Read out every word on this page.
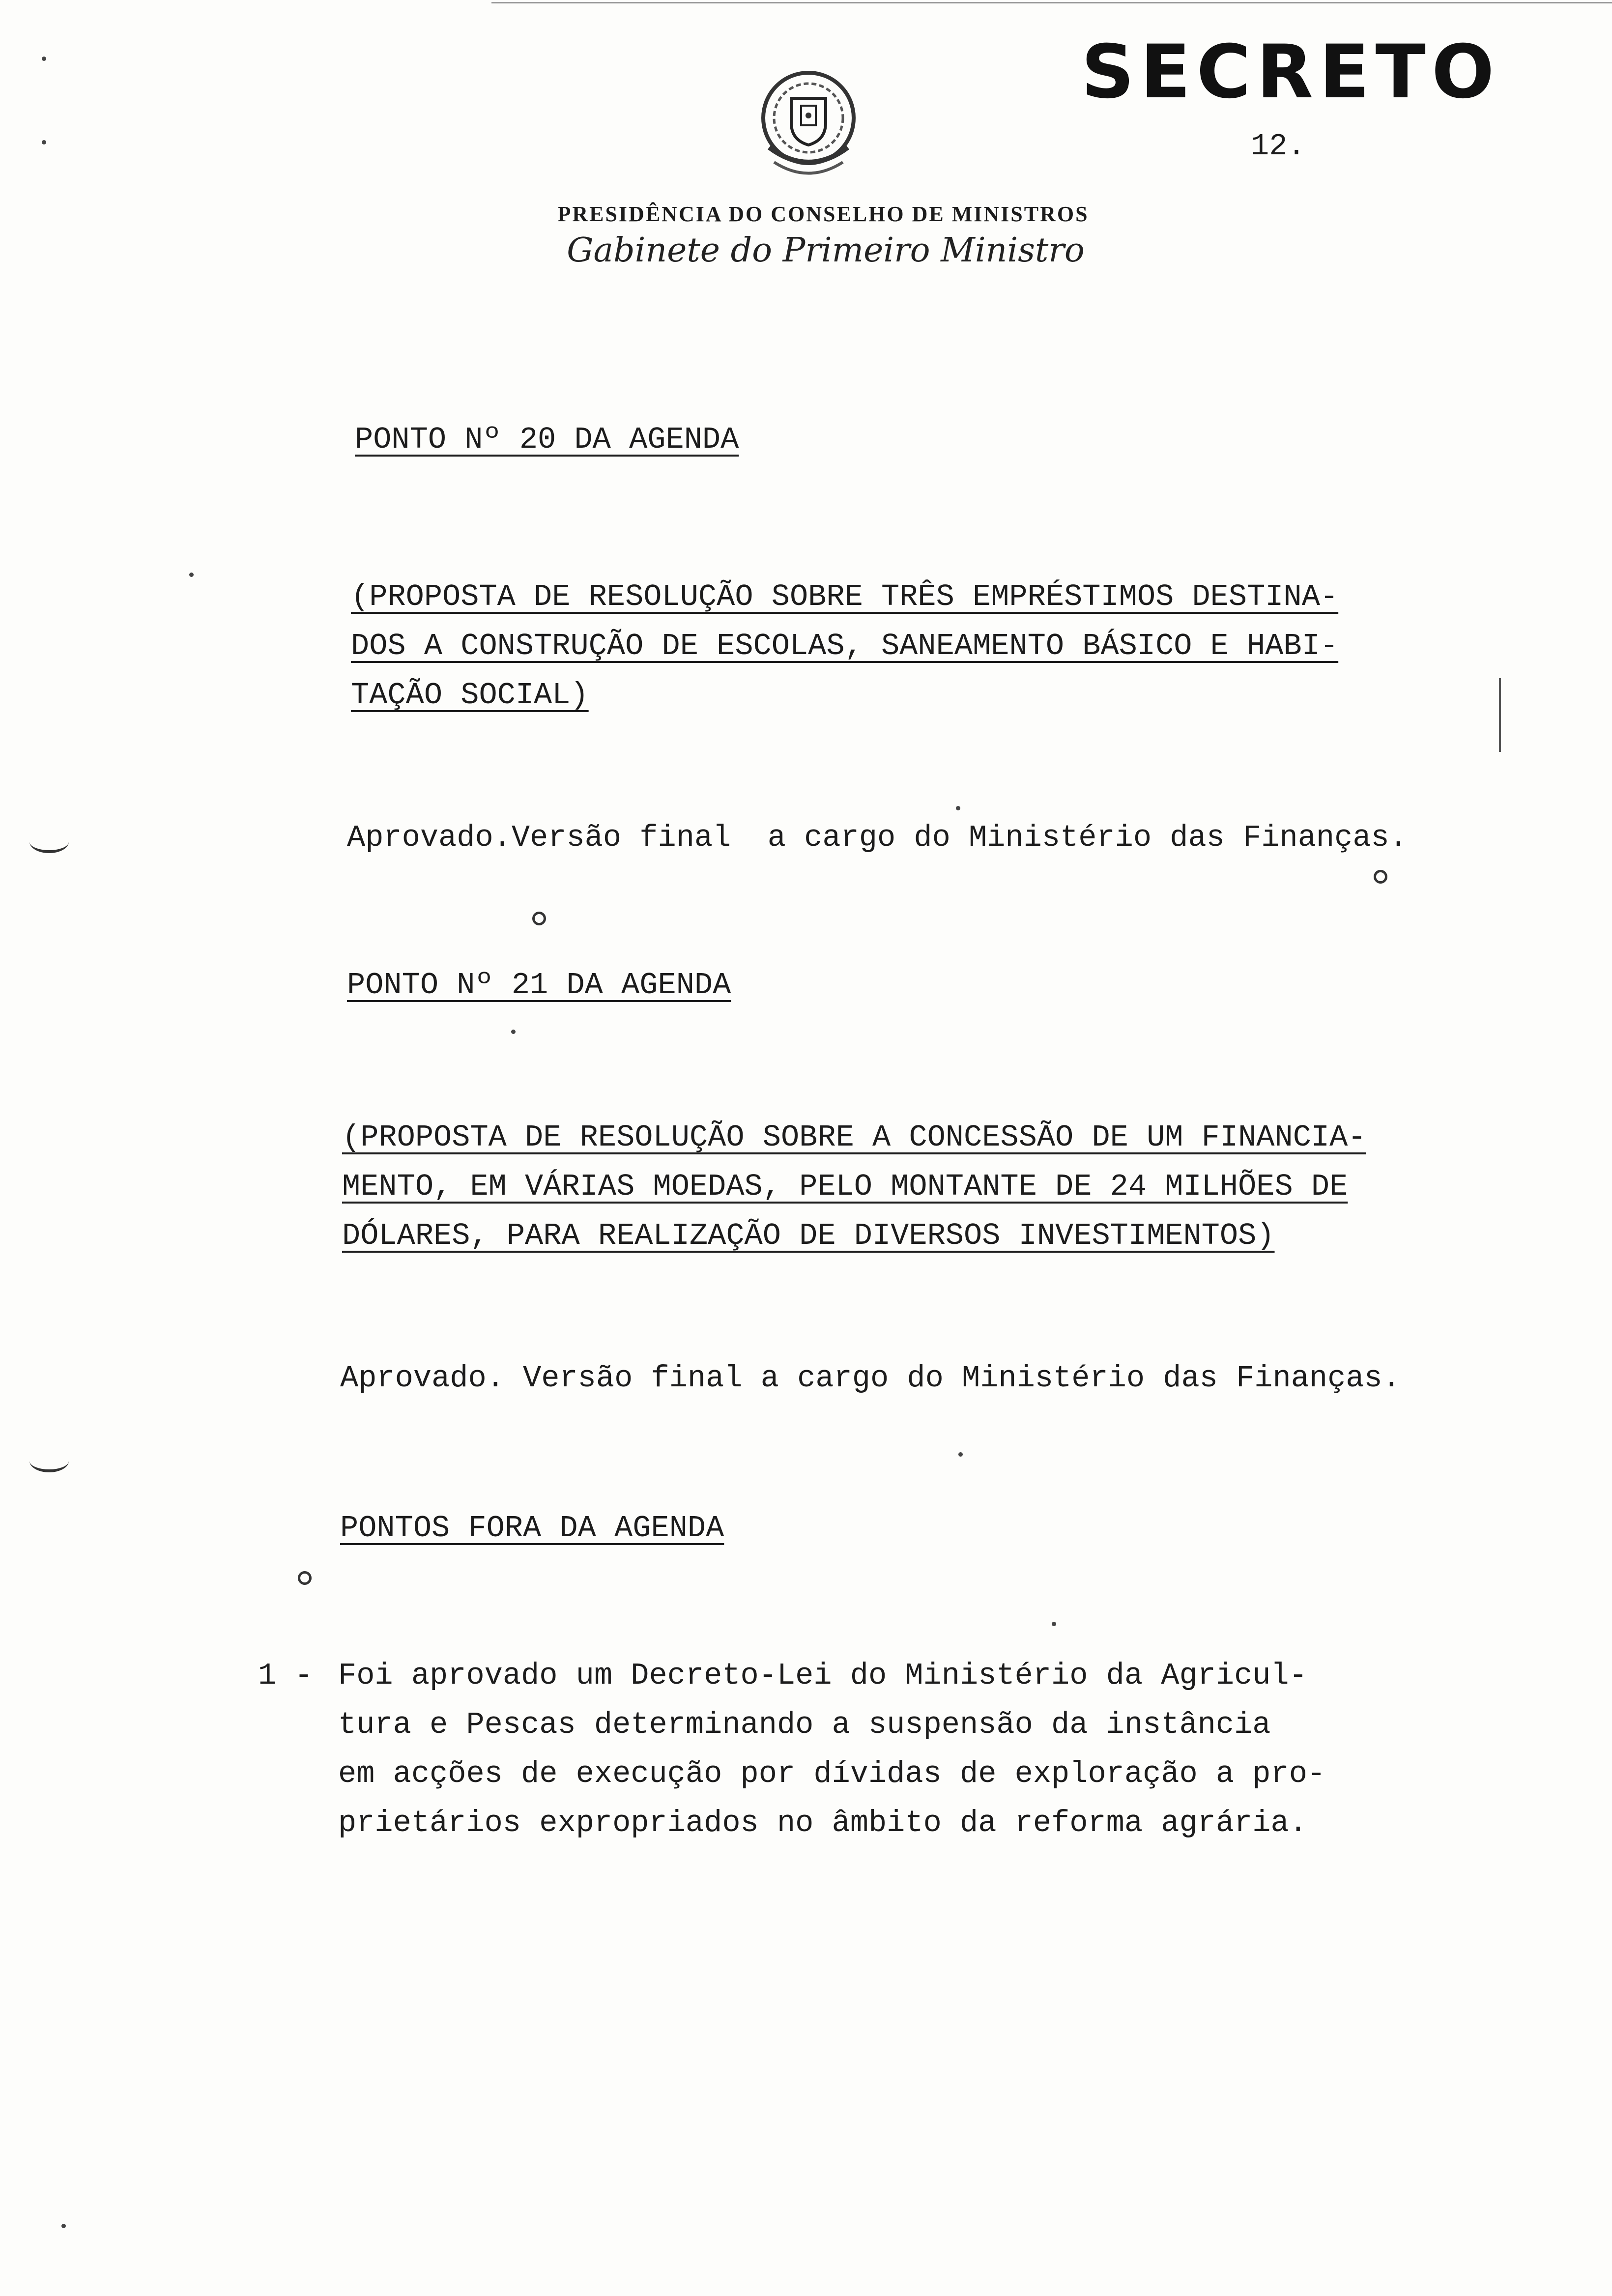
SECRETO
12.
PRESIDÊNCIA DO CONSELHO DE MINISTROS
Gabinete do Primeiro Ministro
PONTO Nº 20 DA AGENDA
(PROPOSTA DE RESOLUÇÃO SOBRE TRÊS EMPRÉSTIMOS DESTINA-
DOS A CONSTRUÇÃO DE ESCOLAS, SANEAMENTO BÁSICO E HABI-
TAÇÃO SOCIAL)
Aprovado.Versão final  a cargo do Ministério das Finanças.
PONTO Nº 21 DA AGENDA
(PROPOSTA DE RESOLUÇÃO SOBRE A CONCESSÃO DE UM FINANCIA-
MENTO, EM VÁRIAS MOEDAS, PELO MONTANTE DE 24 MILHÕES DE
DÓLARES, PARA REALIZAÇÃO DE DIVERSOS INVESTIMENTOS)
Aprovado. Versão final a cargo do Ministério das Finanças.
PONTOS FORA DA AGENDA
1 - Foi aprovado um Decreto-Lei do Ministério da Agricul-
tura e Pescas determinando a suspensão da instância
em acções de execução por dívidas de exploração a pro-
prietários expropriados no âmbito da reforma agrária.
